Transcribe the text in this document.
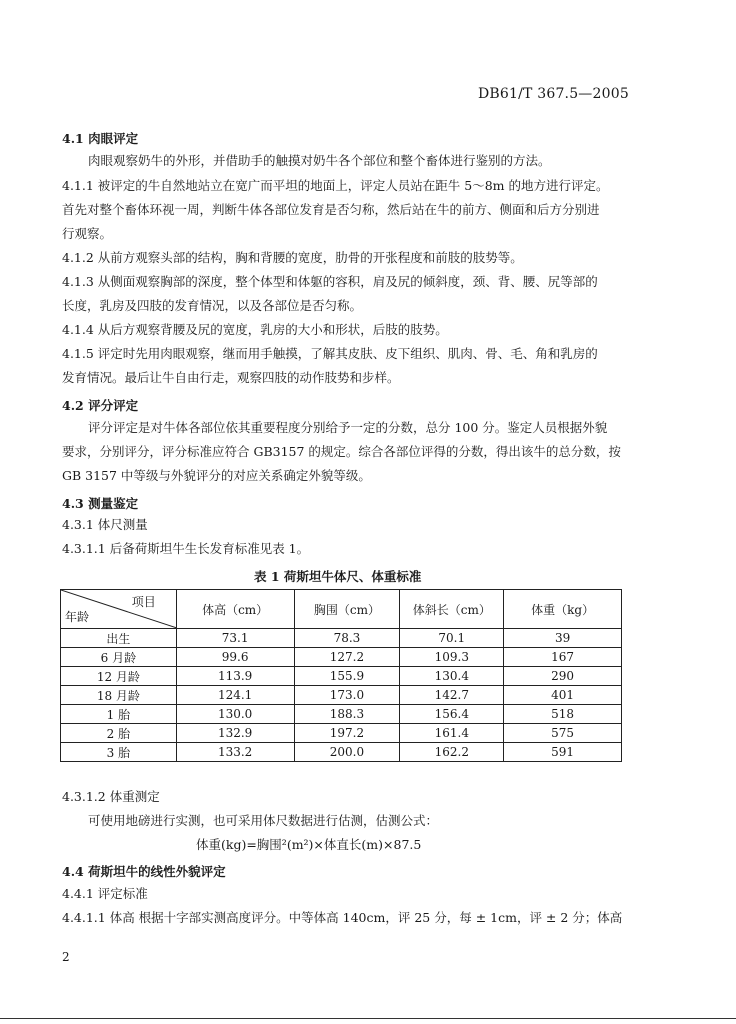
DB61/T 367.5—2005
4.1 肉眼评定
肉眼观察奶牛的外形，并借助手的触摸对奶牛各个部位和整个畜体进行鉴别的方法。
4.1.1 被评定的牛自然地站立在宽广而平坦的地面上，评定人员站在距牛 5～8m 的地方进行评定。
首先对整个畜体环视一周，判断牛体各部位发育是否匀称，然后站在牛的前方、侧面和后方分别进
行观察。
4.1.2 从前方观察头部的结构，胸和背腰的宽度，肋骨的开张程度和前肢的肢势等。
4.1.3 从侧面观察胸部的深度，整个体型和体躯的容积，肩及尻的倾斜度，颈、背、腰、尻等部的
长度，乳房及四肢的发育情况，以及各部位是否匀称。
4.1.4 从后方观察背腰及尻的宽度，乳房的大小和形状，后肢的肢势。
4.1.5 评定时先用肉眼观察，继而用手触摸，了解其皮肤、皮下组织、肌肉、骨、毛、角和乳房的
发育情况。最后让牛自由行走，观察四肢的动作肢势和步样。
4.2 评分评定
评分评定是对牛体各部位依其重要程度分别给予一定的分数，总分 100 分。鉴定人员根据外貌
要求，分别评分，评分标准应符合 GB3157 的规定。综合各部位评得的分数，得出该牛的总分数，按
GB 3157 中等级与外貌评分的对应关系确定外貌等级。
4.3 测量鉴定
4.3.1 体尺测量
4.3.1.1 后备荷斯坦牛生长发育标准见表 1。
表 1 荷斯坦牛体尺、体重标准
项目
年龄	体高（cm）	胸围（cm）	体斜长（cm）	体重（kg）
出生	73.1	78.3	70.1	39
6 月龄	99.6	127.2	109.3	167
12 月龄	113.9	155.9	130.4	290
18 月龄	124.1	173.0	142.7	401
1 胎	130.0	188.3	156.4	518
2 胎	132.9	197.2	161.4	575
3 胎	133.2	200.0	162.2	591
4.3.1.2 体重测定
可使用地磅进行实测，也可采用体尺数据进行估测，估测公式：
体重(kg)=胸围²(m²)×体直长(m)×87.5
4.4 荷斯坦牛的线性外貌评定
4.4.1 评定标准
4.4.1.1 体高 根据十字部实测高度评分。中等体高 140cm，评 25 分，每 ± 1cm，评 ± 2 分；体高
2
